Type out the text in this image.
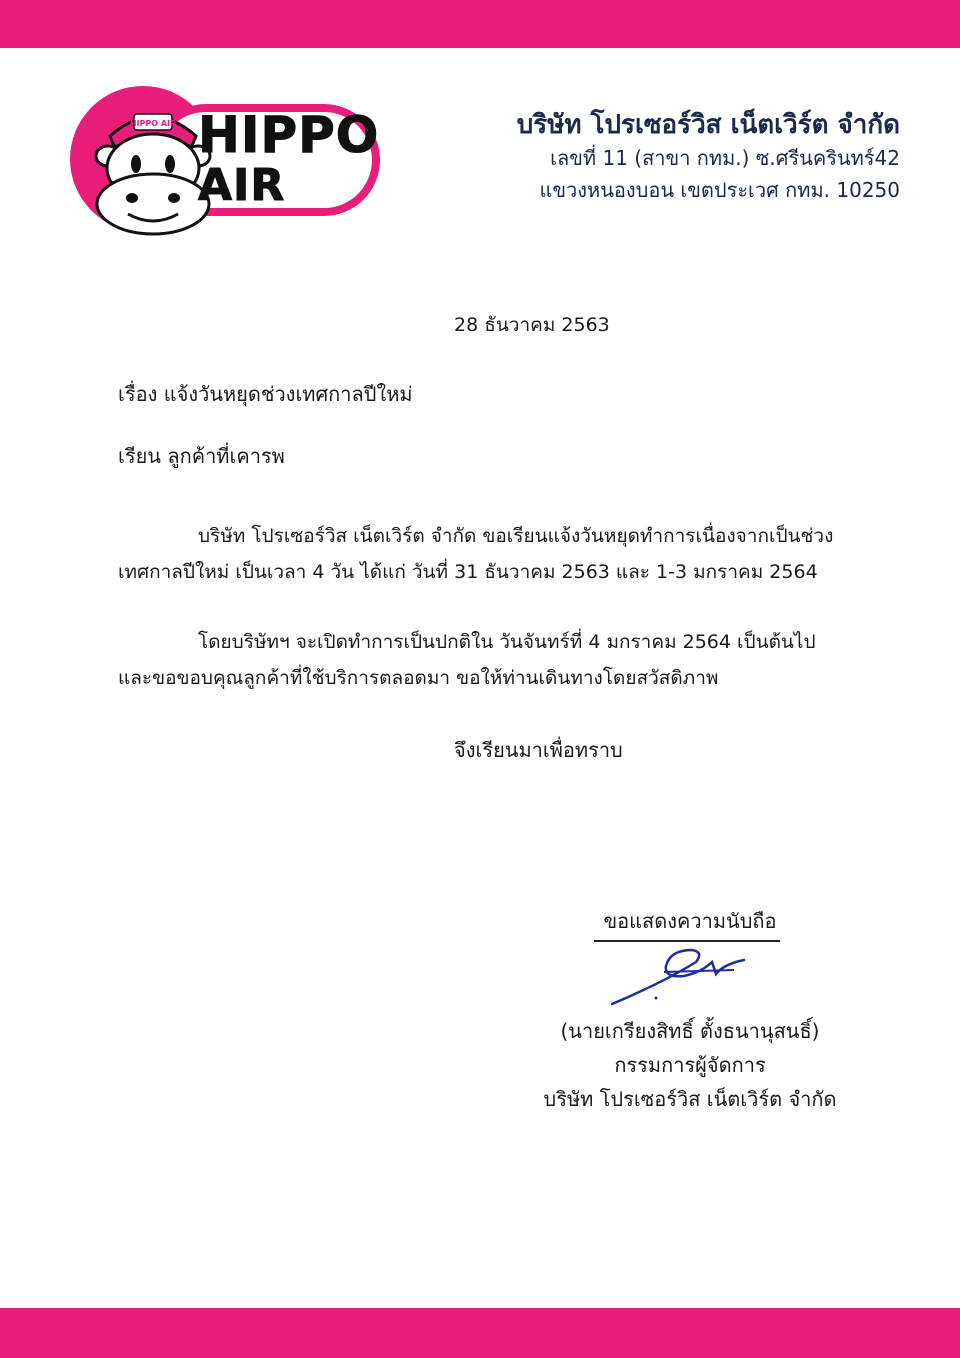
HIPPO AIR HIPPO
AIR
บริษัท โปรเซอร์วิส เน็ตเวิร์ต จำกัด
เลขที่ 11 (สาขา กทม.) ซ.ศรีนครินทร์42
แขวงหนองบอน เขตประเวศ กทม. 10250
28 ธันวาคม 2563
เรื่อง แจ้งวันหยุดช่วงเทศกาลปีใหม่
เรียน ลูกค้าที่เคารพ
บริษัท โปรเซอร์วิส เน็ตเวิร์ต จำกัด ขอเรียนแจ้งวันหยุดทำการเนื่องจากเป็นช่วงเทศกาลปีใหม่ เป็นเวลา 4 วัน ได้แก่ วันที่ 31 ธันวาคม 2563 และ 1-3 มกราคม 2564
โดยบริษัทฯ จะเปิดทำการเป็นปกติใน วันจันทร์ที่ 4 มกราคม 2564 เป็นต้นไป และขอขอบคุณลูกค้าที่ใช้บริการตลอดมา ขอให้ท่านเดินทางโดยสวัสดิภาพ
จึงเรียนมาเพื่อทราบ
ขอแสดงความนับถือ
(นายเกรียงสิทธิ์ ตั้งธนานุสนธิ์)
กรรมการผู้จัดการ
บริษัท โปรเซอร์วิส เน็ตเวิร์ต จำกัด
